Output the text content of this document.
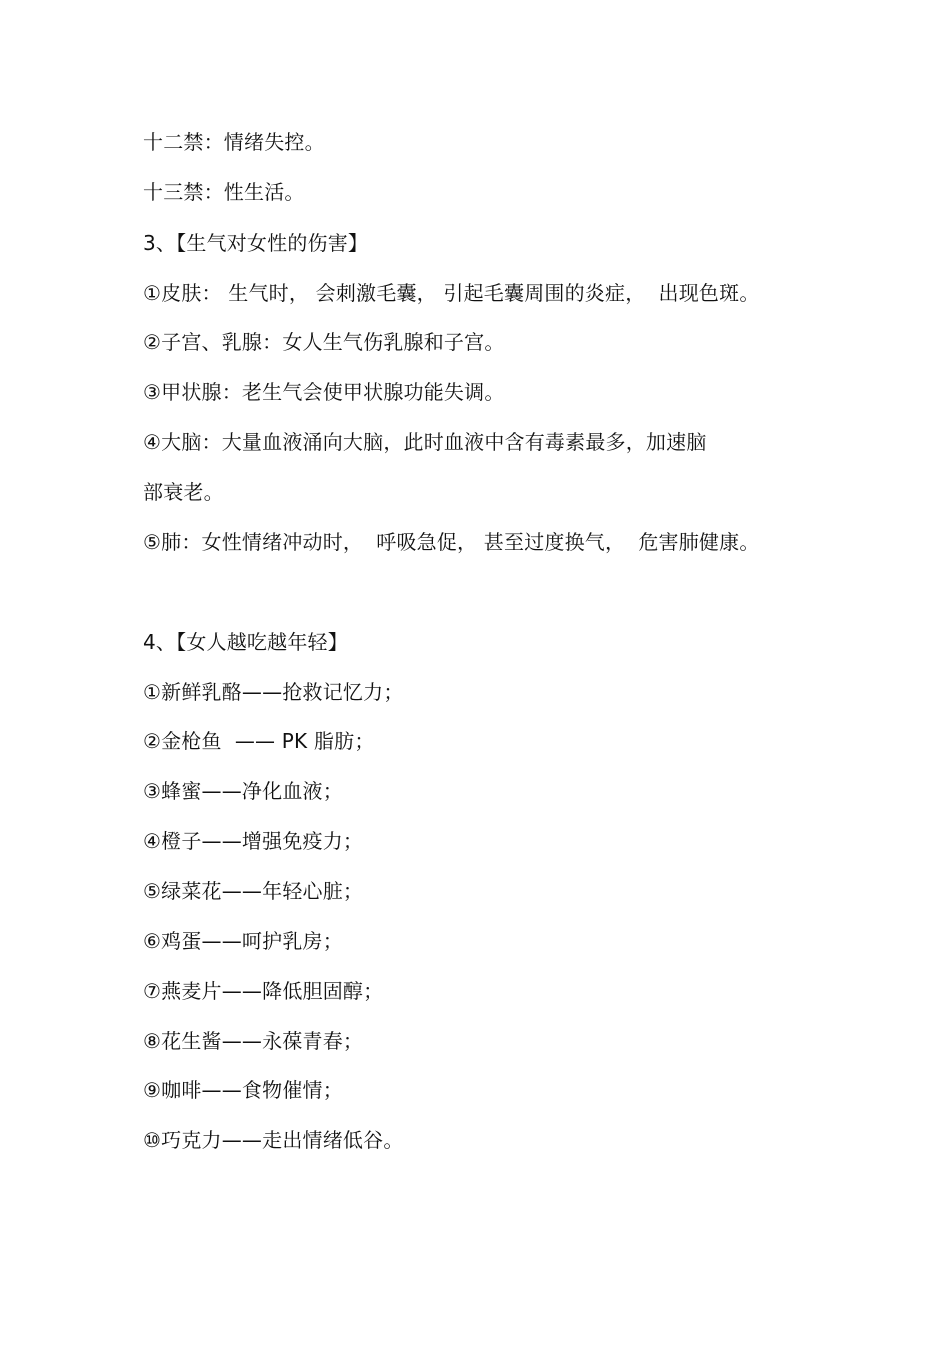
十二禁：情绪失控。
十三禁：性生活。
3、【生气对女性的伤害】
①皮肤： 生气时， 会刺激毛囊， 引起毛囊周围的炎症，  出现色斑。
②子宫、乳腺：女人生气伤乳腺和子宫。
③甲状腺：老生气会使甲状腺功能失调。
④大脑：大量血液涌向大脑，此时血液中含有毒素最多，加速脑
部衰老。
⑤肺：女性情绪冲动时，  呼吸急促， 甚至过度换气，  危害肺健康。
4、【女人越吃越年轻】
①新鲜乳酪——抢救记忆力；
②金枪鱼  —— PK 脂肪；
③蜂蜜——净化血液；
④橙子——增强免疫力；
⑤绿菜花——年轻心脏；
⑥鸡蛋——呵护乳房；
⑦燕麦片——降低胆固醇；
⑧花生酱——永葆青春；
⑨咖啡——食物催情；
⑩巧克力——走出情绪低谷。
